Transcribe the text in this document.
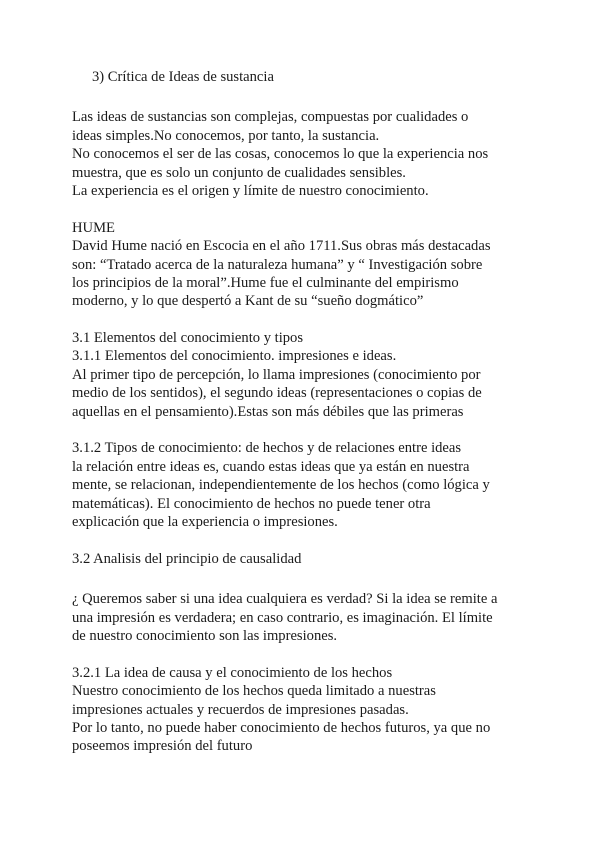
3) Crítica de Ideas de sustancia
Las ideas de sustancias son complejas, compuestas por cualidades o
ideas simples.No conocemos, por tanto, la sustancia.
No conocemos el ser de las cosas, conocemos lo que la experiencia nos
muestra, que es solo un conjunto de cualidades sensibles.
La experiencia es el origen y límite de nuestro conocimiento.
HUME
David Hume nació en Escocia en el año 1711.Sus obras más destacadas
son: “Tratado acerca de la naturaleza humana” y “ Investigación sobre
los principios de la moral”.Hume fue el culminante del empirismo
moderno, y lo que despertó a Kant de su “sueño dogmático”
3.1 Elementos del conocimiento y tipos
3.1.1 Elementos del conocimiento. impresiones e ideas.
Al primer tipo de percepción, lo llama impresiones (conocimiento por
medio de los sentidos), el segundo ideas (representaciones o copias de
aquellas en el pensamiento).Estas son más débiles que las primeras
3.1.2 Tipos de conocimiento: de hechos y de relaciones entre ideas
la relación entre ideas es, cuando estas ideas que ya están en nuestra
mente, se relacionan, independientemente de los hechos (como lógica y
matemáticas). El conocimiento de hechos no puede tener otra
explicación que la experiencia o impresiones.
3.2 Analisis del principio de causalidad
¿ Queremos saber si una idea cualquiera es verdad? Si la idea se remite a
una impresión es verdadera; en caso contrario, es imaginación. El límite
de nuestro conocimiento son las impresiones.
3.2.1 La idea de causa y el conocimiento de los hechos
Nuestro conocimiento de los hechos queda limitado a nuestras
impresiones actuales y recuerdos de impresiones pasadas.
Por lo tanto, no puede haber conocimiento de hechos futuros, ya que no
poseemos impresión del futuro
